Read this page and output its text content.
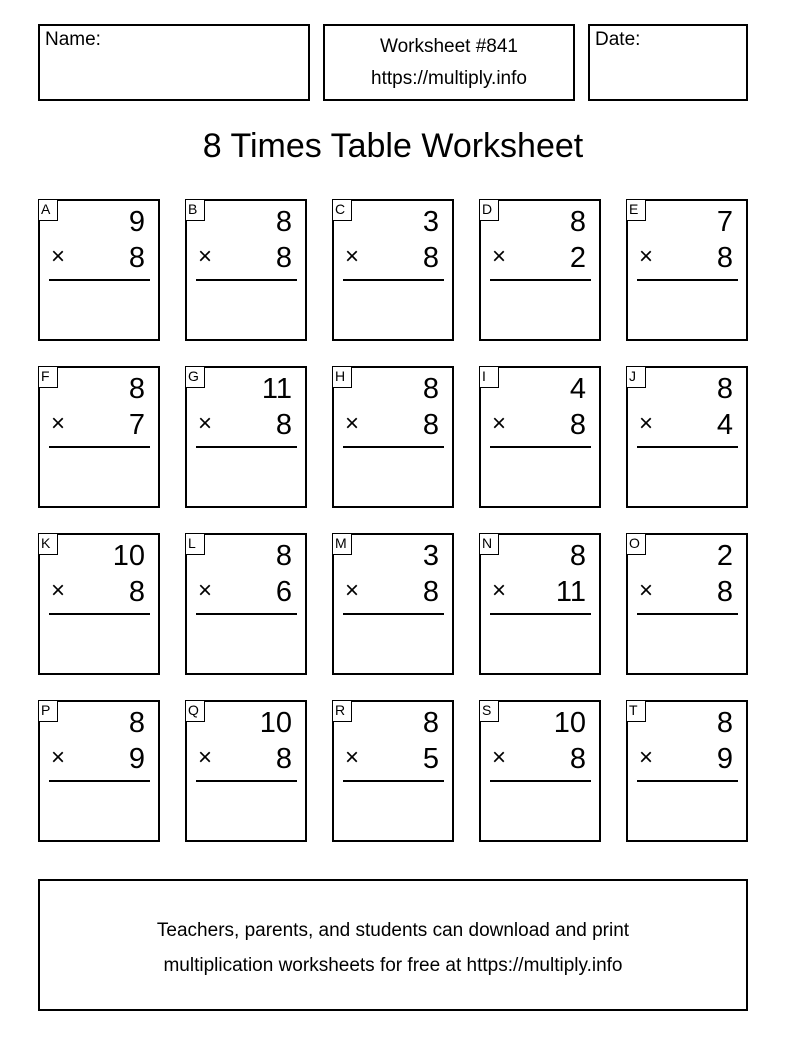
Name:	Worksheet #841
https://multiply.info
Date:
8 Times Table Worksheet
A	9
× 8
B	8
× 8
C	3
× 8
D	8
× 2
E	7
× 8
F	8
× 7
G 11
× 8
H	8
× 8
I	4
× 8
J	8
× 4
K 10
× 8
L	8
× 6
M	3
× 8
N	8
× 11
O	2
× 8
P	8
× 9
Q 10
× 8
R	8
× 5
S 10
× 8
T	8
× 9
Teachers, parents, and students can download and print
multiplication worksheets for free at https://multiply.info
